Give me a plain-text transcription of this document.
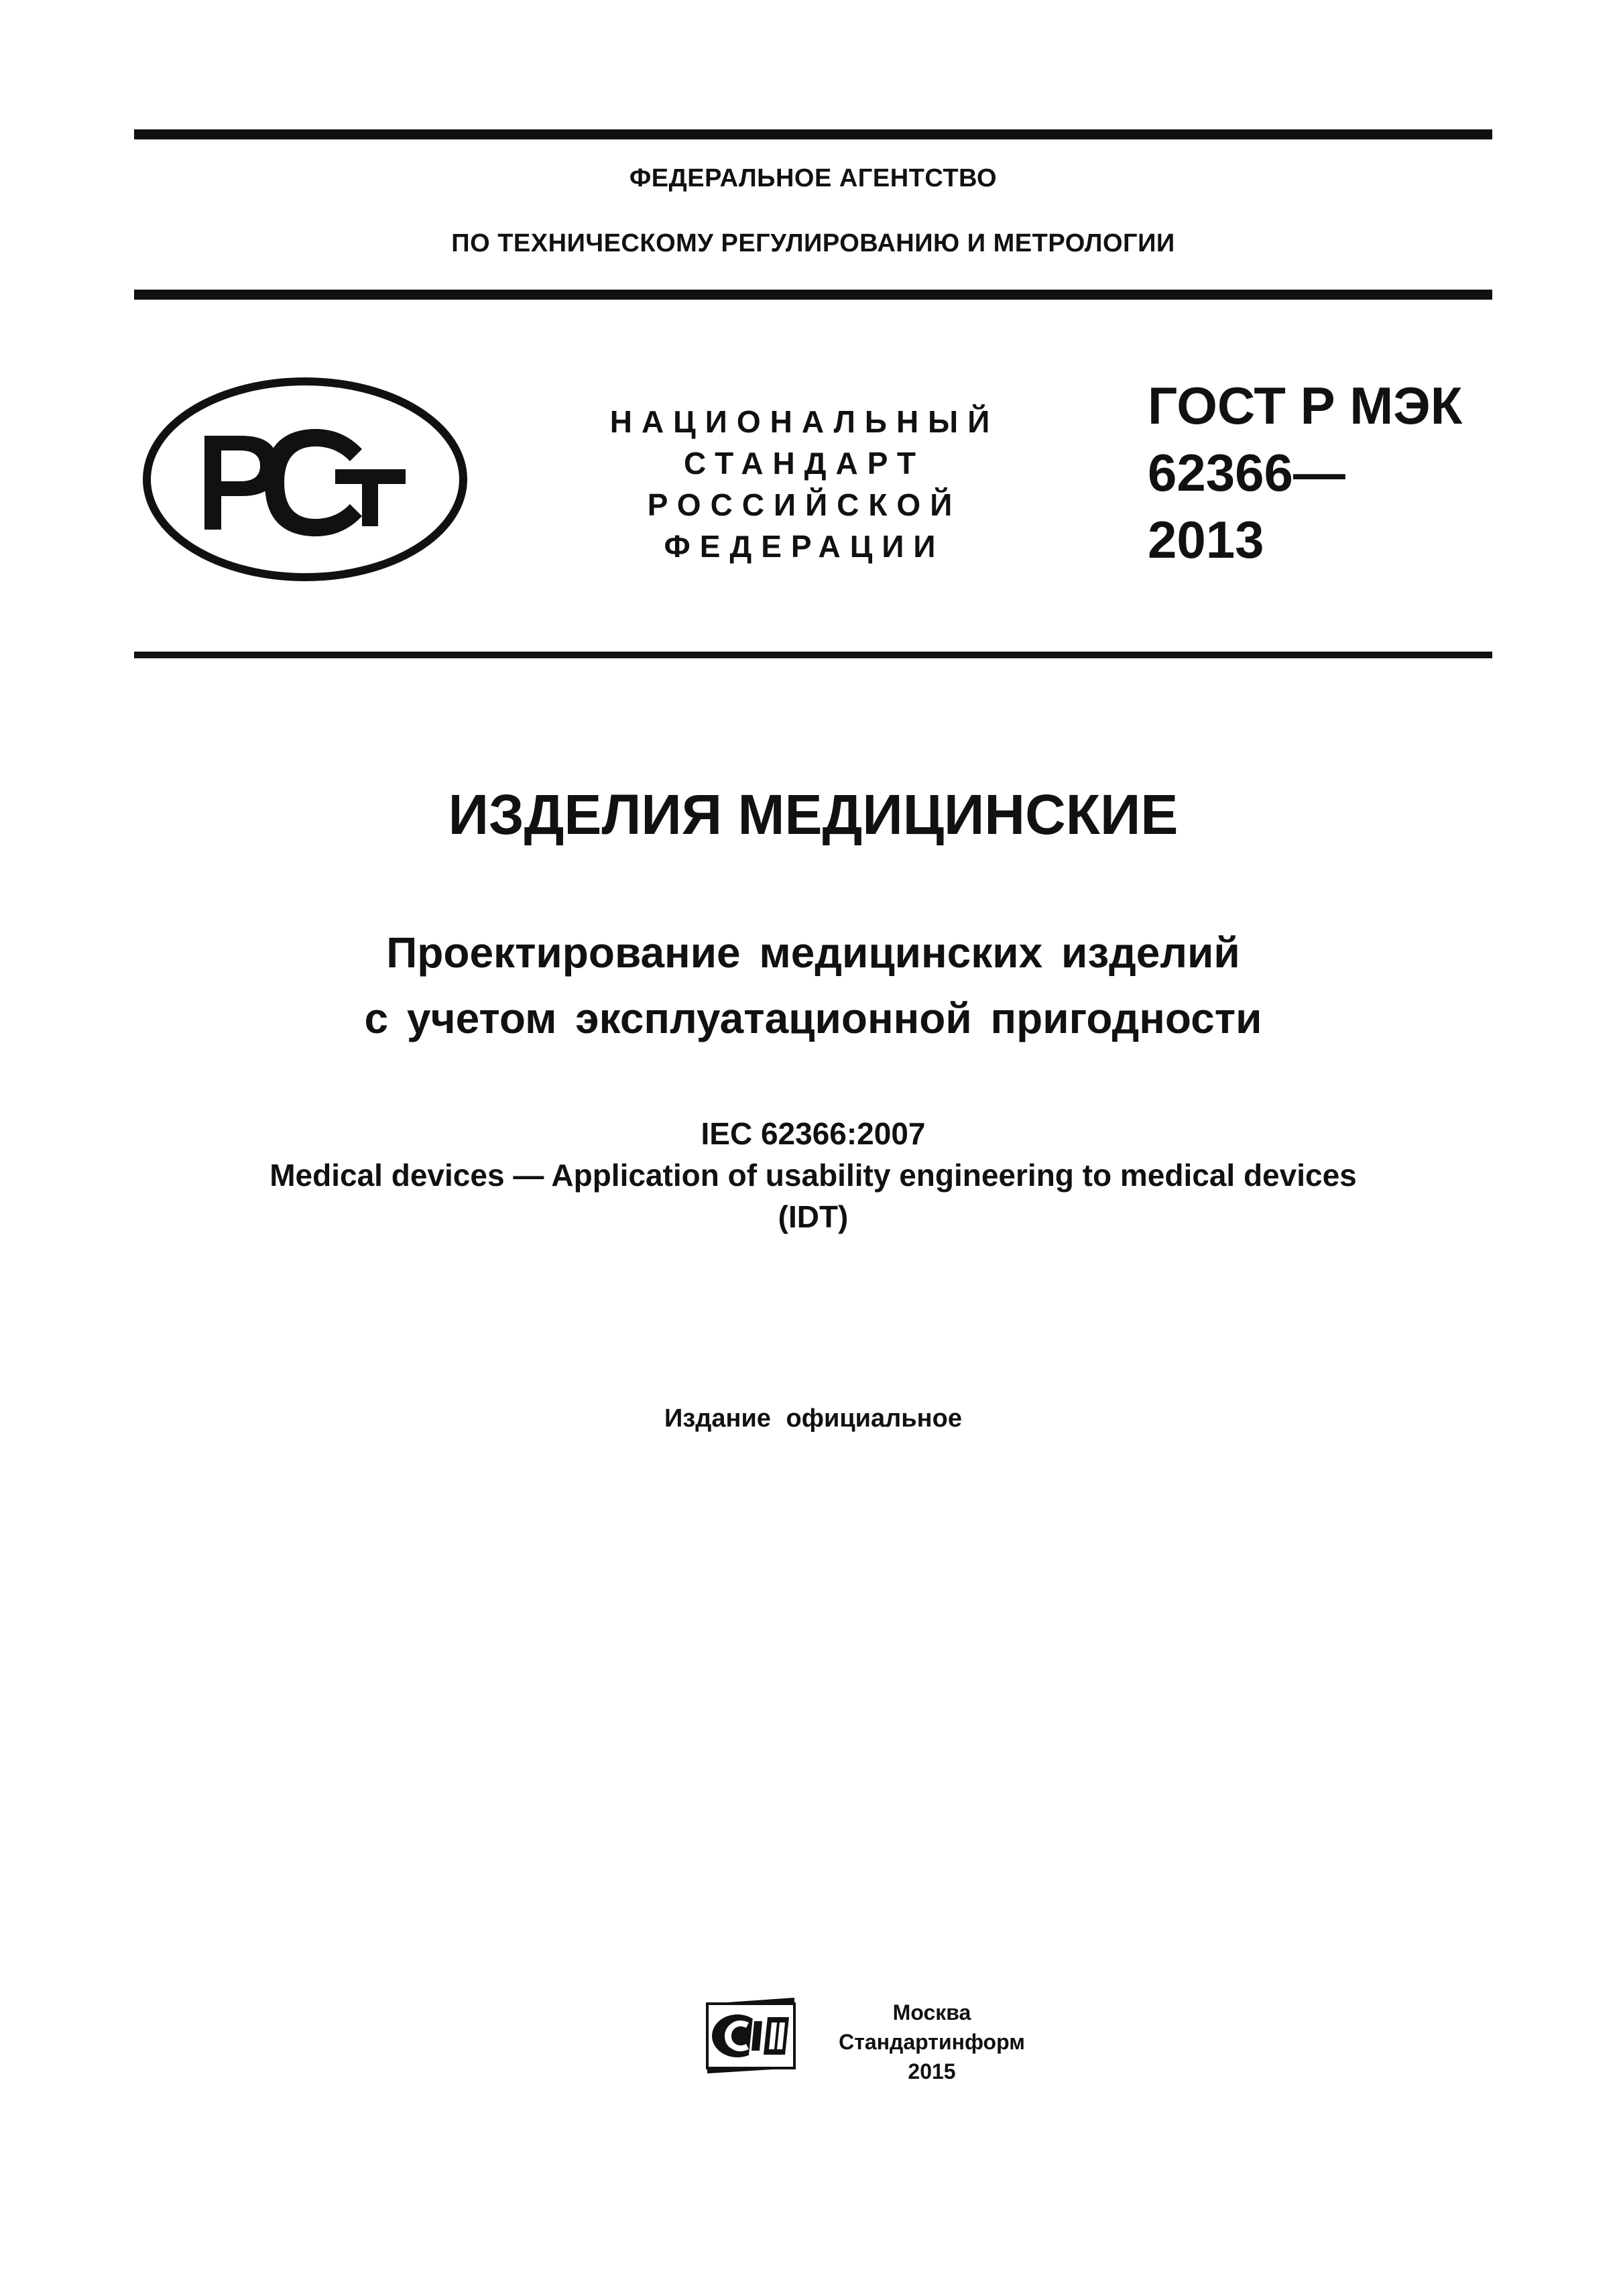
ФЕДЕРАЛЬНОЕ АГЕНТСТВО
ПО ТЕХНИЧЕСКОМУ РЕГУЛИРОВАНИЮ И МЕТРОЛОГИИ
НАЦИОНАЛЬНЫЙ
СТАНДАРТ
РОССИЙСКОЙ
ФЕДЕРАЦИИ
ГОСТ Р МЭК
62366—
2013
ИЗДЕЛИЯ МЕДИЦИНСКИЕ
Проектирование медицинских изделий
с учетом эксплуатационной пригодности
IEC 62366:2007
Medical devices — Application of usability engineering to medical devices
(IDT)
Издание официальное
Москва
Стандартинформ
2015
